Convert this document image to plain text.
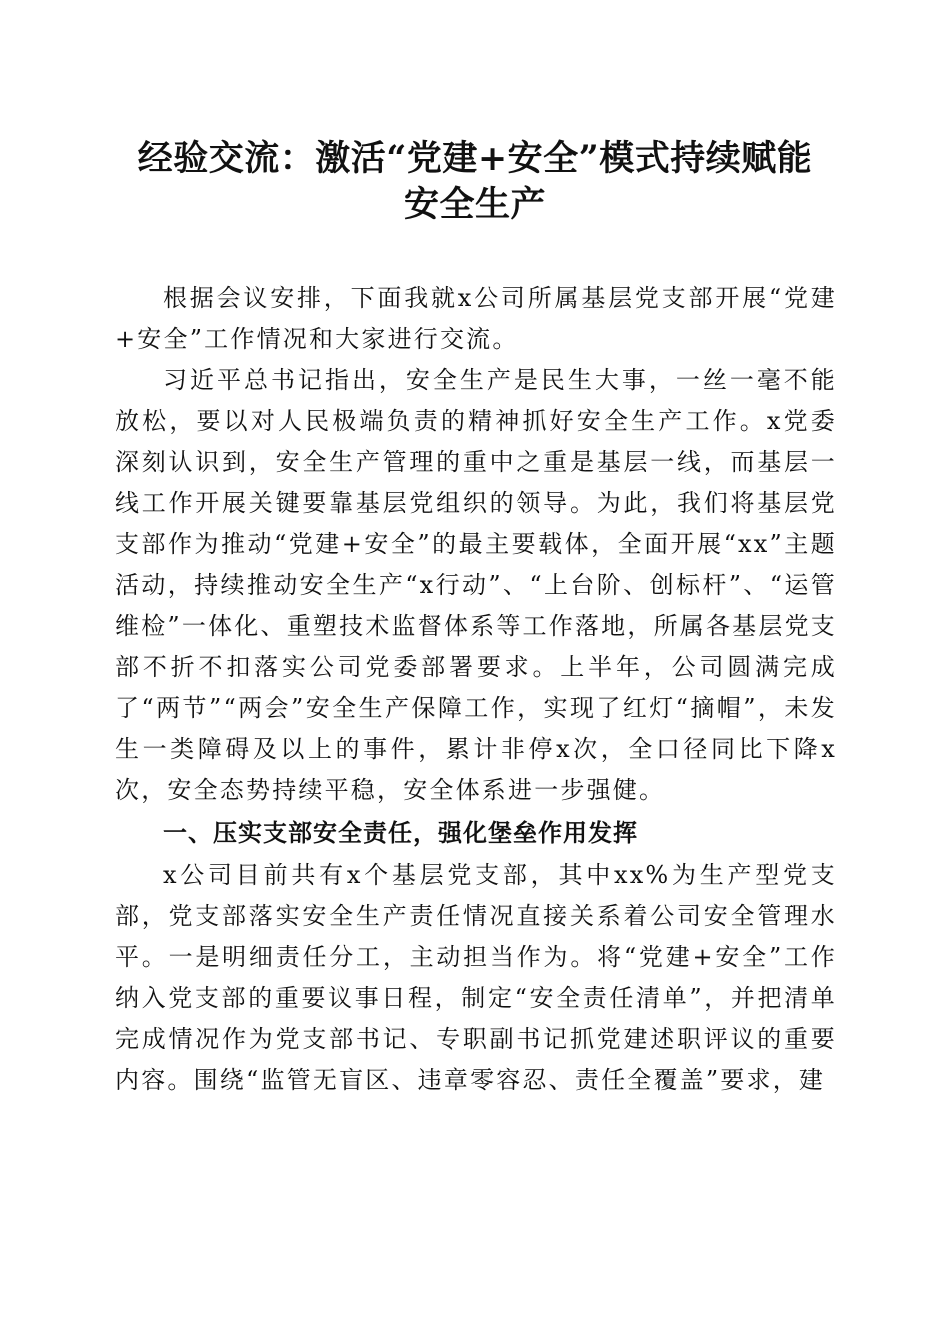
经验交流：激活“党建+安全”模式持续赋能
安全生产

根据会议安排，下面我就x公司所属基层党支部开展“党建+安全”工作情况和大家进行交流。

习近平总书记指出，安全生产是民生大事，一丝一毫不能放松，要以对人民极端负责的精神抓好安全生产工作。x党委深刻认识到，安全生产管理的重中之重是基层一线，而基层一线工作开展关键要靠基层党组织的领导。为此，我们将基层党支部作为推动“党建+安全”的最主要载体，全面开展“xx”主题活动，持续推动安全生产“x行动”、“上台阶、创标杆”、“运管维检”一体化、重塑技术监督体系等工作落地，所属各基层党支部不折不扣落实公司党委部署要求。上半年，公司圆满完成了“两节”“两会”安全生产保障工作，实现了红灯“摘帽”，未发生一类障碍及以上的事件，累计非停x次，全口径同比下降x次，安全态势持续平稳，安全体系进一步强健。

一、压实支部安全责任，强化堡垒作用发挥

x公司目前共有x个基层党支部，其中xx%为生产型党支部，党支部落实安全生产责任情况直接关系着公司安全管理水平。一是明细责任分工，主动担当作为。将“党建+安全”工作纳入党支部的重要议事日程，制定“安全责任清单”，并把清单完成情况作为党支部书记、专职副书记抓党建述职评议的重要内容。围绕“监管无盲区、违章零容忍、责任全覆盖”要求，建
